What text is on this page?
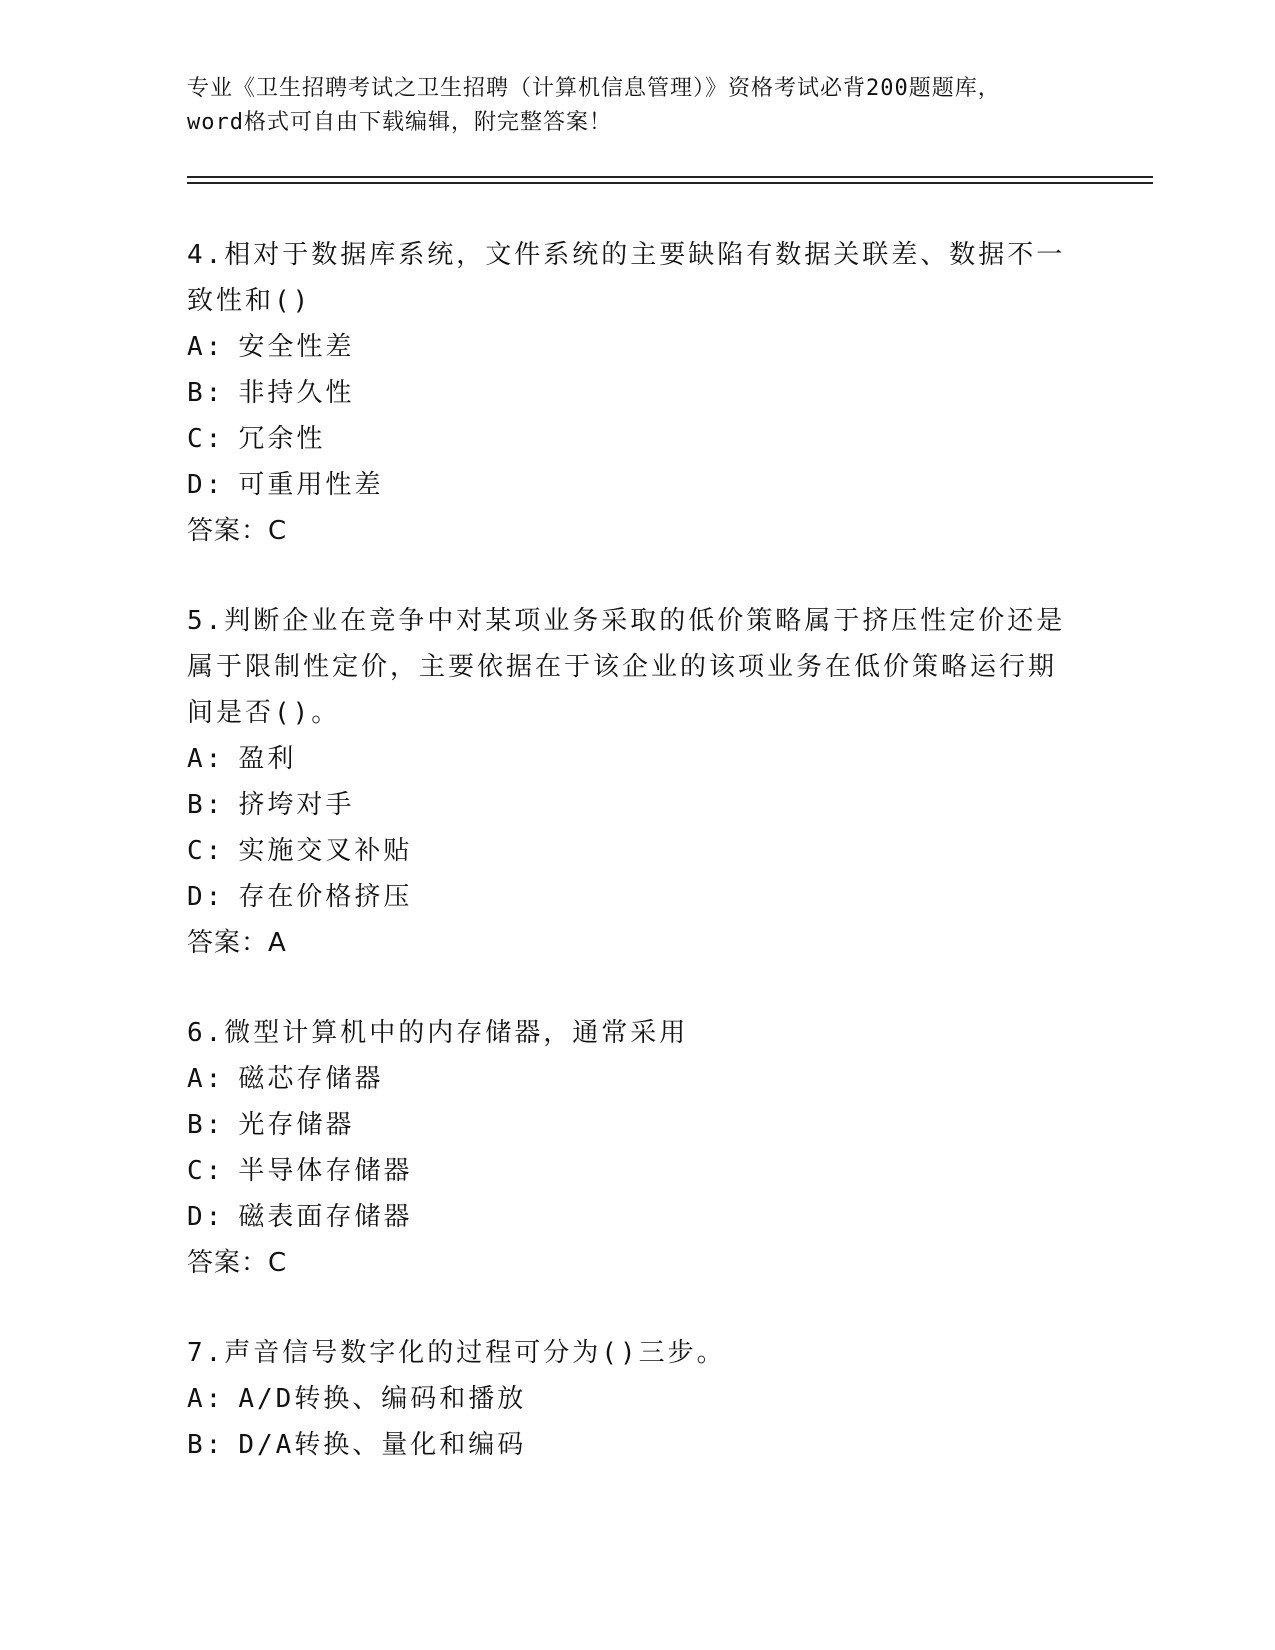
专业《卫生招聘考试之卫生招聘（计算机信息管理）》资格考试必背200题题库，
word格式可自由下载编辑，附完整答案！
4.相对于数据库系统，文件系统的主要缺陷有数据关联差、数据不一致性和()
A: 安全性差
B: 非持久性
C: 冗余性
D: 可重用性差
答案：C
5.判断企业在竞争中对某项业务采取的低价策略属于挤压性定价还是属于限制性定价，主要依据在于该企业的该项业务在低价策略运行期间是否()。
A: 盈利
B: 挤垮对手
C: 实施交叉补贴
D: 存在价格挤压
答案：A
6.微型计算机中的内存储器，通常采用
A: 磁芯存储器
B: 光存储器
C: 半导体存储器
D: 磁表面存储器
答案：C
7.声音信号数字化的过程可分为()三步。
A: A/D转换、编码和播放
B: D/A转换、量化和编码
